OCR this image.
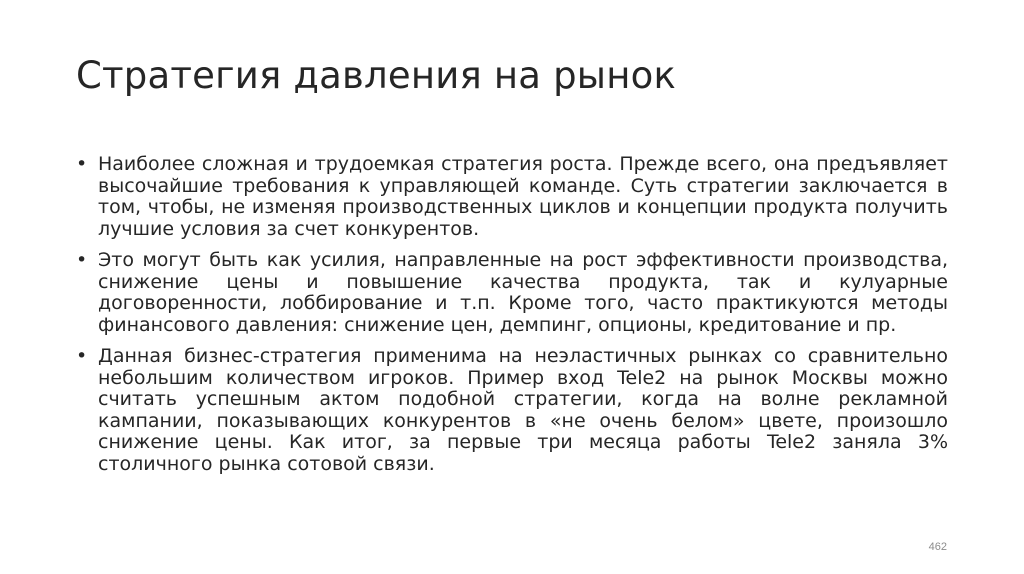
Стратегия давления на рынок
• Наиболее сложная и трудоемкая стратегия роста. Прежде всего, она предъявляет высочайшие требования к управляющей команде. Суть стратегии заключается в том, чтобы, не изменяя производственных циклов и концепции продукта получить лучшие условия за счет конкурентов.
• Это могут быть как усилия, направленные на рост эффективности производства, снижение цены и повышение качества продукта, так и кулуарные договоренности, лоббирование и т.п. Кроме того, часто практикуются методы финансового давления: снижение цен, демпинг, опционы, кредитование и пр.
• Данная бизнес-стратегия применима на неэластичных рынках со сравнительно небольшим количеством игроков. Пример вход Tele2 на рынок Москвы можно считать успешным актом подобной стратегии, когда на волне рекламной кампании, показывающих конкурентов в «не очень белом» цвете, произошло снижение цены. Как итог, за первые три месяца работы Tele2 заняла 3% столичного рынка сотовой связи.
462
